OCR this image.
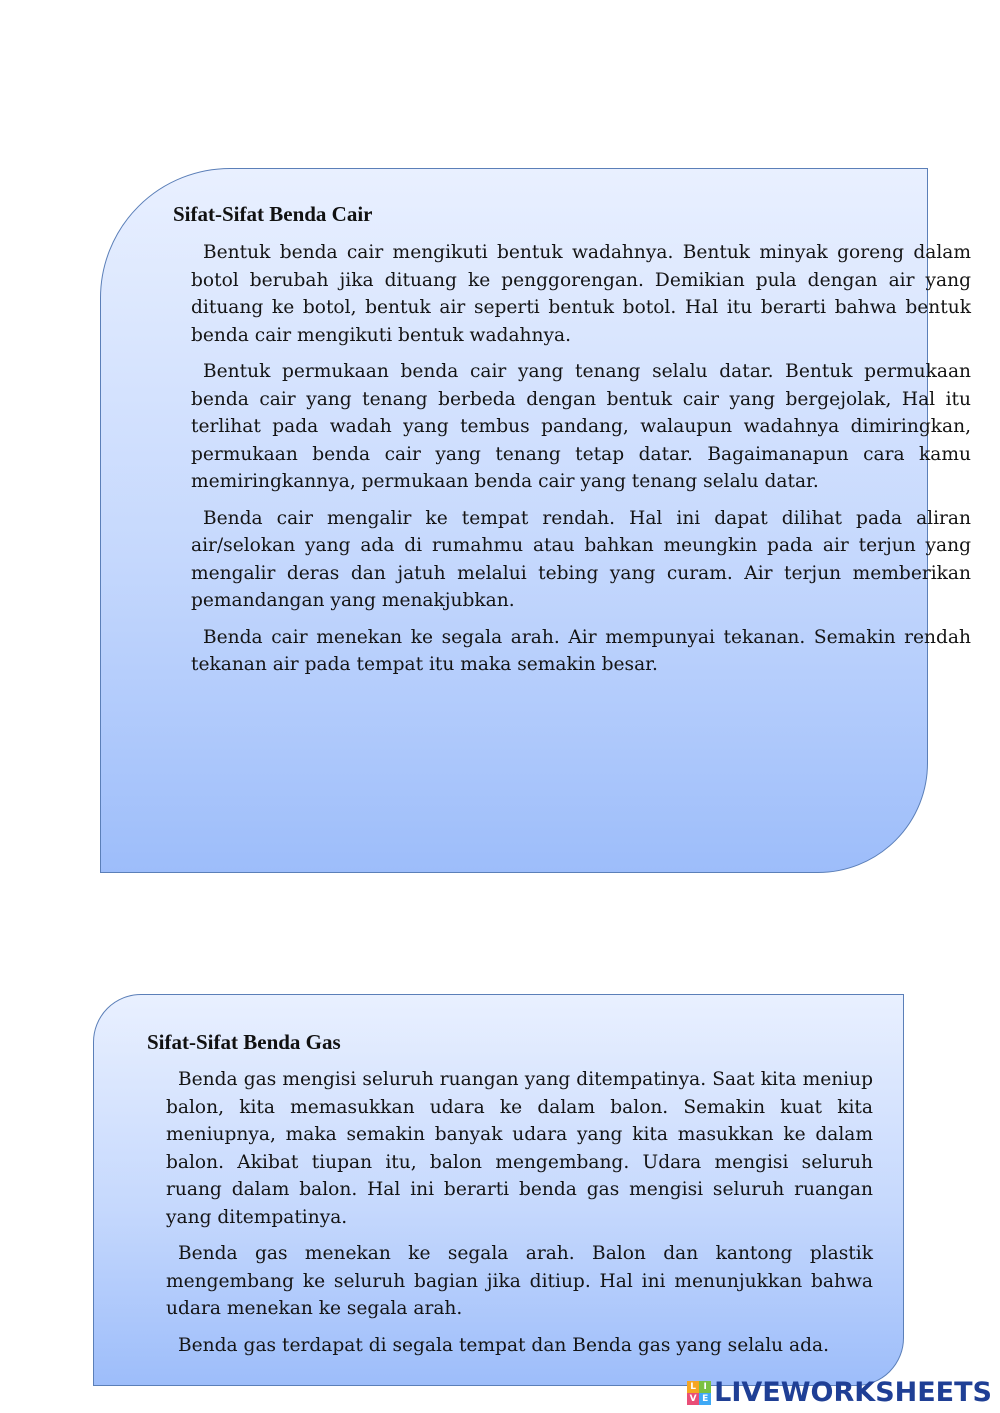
Sifat-Sifat Benda Cair

Bentuk benda cair mengikuti bentuk wadahnya. Bentuk minyak goreng dalam botol berubah jika dituang ke penggorengan. Demikian pula dengan air yang dituang ke botol, bentuk air seperti bentuk botol. Hal itu berarti bahwa bentuk benda cair mengikuti bentuk wadahnya.

Bentuk permukaan benda cair yang tenang selalu datar. Bentuk permukaan benda cair yang tenang berbeda dengan bentuk cair yang bergejolak, Hal itu terlihat pada wadah yang tembus pandang, walaupun wadahnya dimiringkan, permukaan benda cair yang tenang tetap datar. Bagaimanapun cara kamu memiringkannya, permukaan benda cair yang tenang selalu datar.

Benda cair mengalir ke tempat rendah. Hal ini dapat dilihat pada aliran air/selokan yang ada di rumahmu atau bahkan meungkin pada air terjun yang mengalir deras dan jatuh melalui tebing yang curam. Air terjun memberikan pemandangan yang menakjubkan.

Benda cair menekan ke segala arah. Air mempunyai tekanan. Semakin rendah tekanan air pada tempat itu maka semakin besar.

Sifat-Sifat Benda Gas

Benda gas mengisi seluruh ruangan yang ditempatinya. Saat kita meniup balon, kita memasukkan udara ke dalam balon. Semakin kuat kita meniupnya, maka semakin banyak udara yang kita masukkan ke dalam balon. Akibat tiupan itu, balon mengembang. Udara mengisi seluruh ruang dalam balon. Hal ini berarti benda gas mengisi seluruh ruangan yang ditempatinya.

Benda gas menekan ke segala arah. Balon dan kantong plastik mengembang ke seluruh bagian jika ditiup. Hal ini menunjukkan bahwa udara menekan ke segala arah.

Benda gas terdapat di segala tempat dan Benda gas yang selalu ada.

L I
V E LIVEWORKSHEETS
